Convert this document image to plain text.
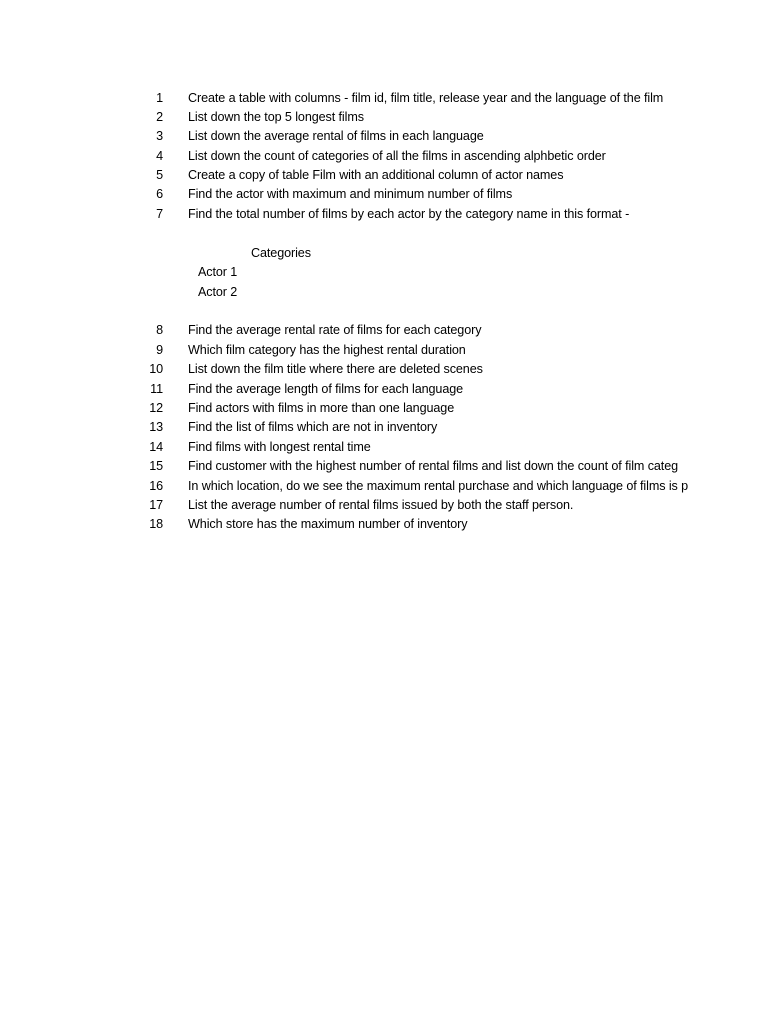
1 Create a table with columns - film id, film title, release year and the language of the film
2 List down the top 5 longest films
3 List down the average rental of films in each language
4 List down the count of categories of all the films in ascending alphbetic order
5 Create a copy of table Film with an additional column of actor names
6 Find the actor with maximum and minimum number of films
7 Find the total number of films by each actor by the category name in this format -
Categories
Actor 1
Actor 2
8 Find the average rental rate of films for each category
9 Which film category has the highest rental duration
10 List down the film title where there are deleted scenes
11 Find the average length of films for each language
12 Find actors with films in more than one language
13 Find the list of films which are not in inventory
14 Find films with longest rental time
15 Find customer with the highest number of rental films and list down the count of film categ
16 In which location, do we see the maximum rental purchase and which language of films is p
17 List the average number of rental films issued by both the staff person.
18 Which store has the maximum number of inventory
